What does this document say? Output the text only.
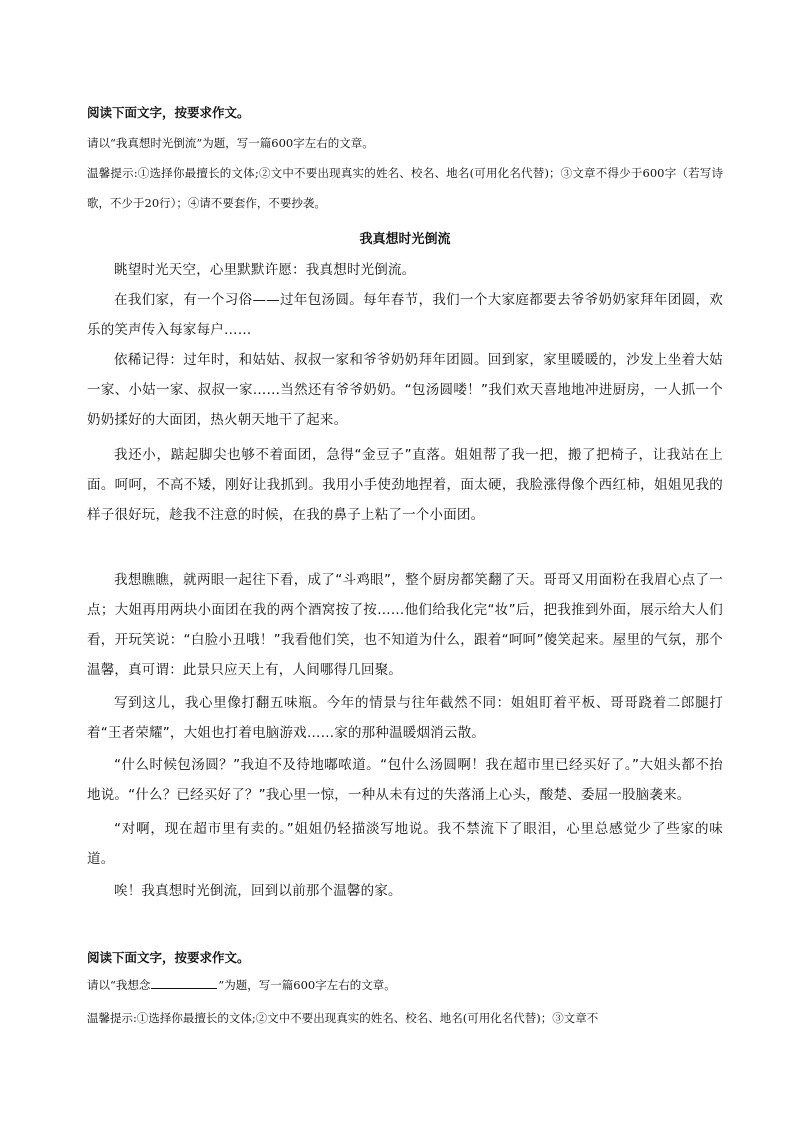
阅读下面文字，按要求作文。
请以“我真想时光倒流”为题，写一篇600字左右的文章。
温馨提示:①选择你最擅长的文体;②文中不要出现真实的姓名、校名、地名(可用化名代替)；③文章不得少于600字（若写诗歌，不少于20行）；④请不要套作，不要抄袭。
我真想时光倒流
眺望时光天空，心里默默许愿：我真想时光倒流。
在我们家，有一个习俗——过年包汤圆。每年春节，我们一个大家庭都要去爷爷奶奶家拜年团圆，欢乐的笑声传入每家每户……
依稀记得：过年时，和姑姑、叔叔一家和爷爷奶奶拜年团圆。回到家，家里暖暖的，沙发上坐着大姑一家、小姑一家、叔叔一家……当然还有爷爷奶奶。“包汤圆喽！”我们欢天喜地地冲进厨房，一人抓一个奶奶揉好的大面团，热火朝天地干了起来。
我还小，踮起脚尖也够不着面团，急得“金豆子”直落。姐姐帮了我一把，搬了把椅子，让我站在上面。呵呵，不高不矮，刚好让我抓到。我用小手使劲地捏着，面太硬，我脸涨得像个西红柿，姐姐见我的样子很好玩，趁我不注意的时候，在我的鼻子上粘了一个小面团。
我想瞧瞧，就两眼一起往下看，成了“斗鸡眼”，整个厨房都笑翻了天。哥哥又用面粉在我眉心点了一点；大姐再用两块小面团在我的两个酒窝按了按……他们给我化完“妆”后，把我推到外面，展示给大人们看，开玩笑说：“白脸小丑哦！”我看他们笑，也不知道为什么，跟着“呵呵”傻笑起来。屋里的气氛，那个温馨，真可谓：此景只应天上有，人间哪得几回聚。
写到这儿，我心里像打翻五味瓶。今年的情景与往年截然不同：姐姐盯着平板、哥哥跷着二郎腿打着“王者荣耀”，大姐也打着电脑游戏……家的那种温暖烟消云散。
“什么时候包汤圆？”我迫不及待地嘟哝道。“包什么汤圆啊！我在超市里已经买好了。”大姐头都不抬地说。“什么？已经买好了？”我心里一惊，一种从未有过的失落涌上心头，酸楚、委屈一股脑袭来。
“对啊，现在超市里有卖的。”姐姐仍轻描淡写地说。我不禁流下了眼泪，心里总感觉少了些家的味道。
唉！我真想时光倒流，回到以前那个温馨的家。
阅读下面文字，按要求作文。
请以“我想念	”为题，写一篇600字左右的文章。
温馨提示:①选择你最擅长的文体;②文中不要出现真实的姓名、校名、地名(可用化名代替)；③文章不
